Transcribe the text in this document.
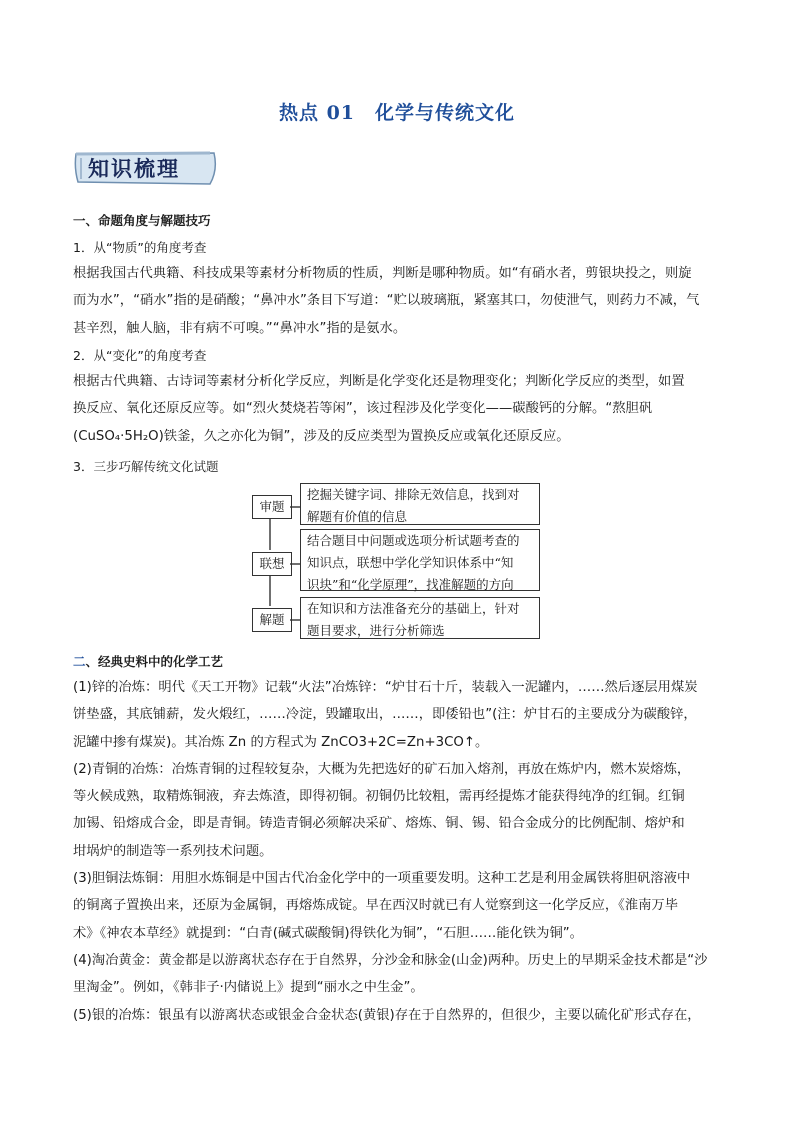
热点 01　化学与传统文化
知识梳理
一、命题角度与解题技巧
1．从“物质”的角度考查
根据我国古代典籍、科技成果等素材分析物质的性质，判断是哪种物质。如“有硝水者，剪银块投之，则旋
而为水”，“硝水”指的是硝酸；“鼻冲水”条目下写道：“贮以玻璃瓶，紧塞其口，勿使泄气，则药力不减，气
甚辛烈，触人脑，非有病不可嗅。”“鼻冲水”指的是氨水。
2．从“变化”的角度考查
根据古代典籍、古诗词等素材分析化学反应，判断是化学变化还是物理变化；判断化学反应的类型，如置
换反应、氧化还原反应等。如“烈火焚烧若等闲”，该过程涉及化学变化——碳酸钙的分解。“熬胆矾
(CuSO₄·5H₂O)铁釜，久之亦化为铜”，涉及的反应类型为置换反应或氧化还原反应。
3．三步巧解传统文化试题
审题
联想
解题
挖掘关键字词、排除无效信息，找到对
解题有价值的信息
结合题目中问题或选项分析试题考查的
知识点，联想中学化学知识体系中“知
识块”和“化学原理”，找准解题的方向
在知识和方法准备充分的基础上，针对
题目要求，进行分析筛选
二、经典史料中的化学工艺
(1)锌的冶炼：明代《天工开物》记载“火法”冶炼锌：“炉甘石十斤，装载入一泥罐内，……然后逐层用煤炭
饼垫盛，其底铺薪，发火煅红，……冷淀，毁罐取出，……，即倭铅也”(注：炉甘石的主要成分为碳酸锌，
泥罐中掺有煤炭)。其冶炼 Zn 的方程式为 ZnCO3+2C=Zn+3CO↑。
(2)青铜的冶炼：冶炼青铜的过程较复杂，大概为先把选好的矿石加入熔剂，再放在炼炉内，燃木炭熔炼，
等火候成熟，取精炼铜液，弃去炼渣，即得初铜。初铜仍比较粗，需再经提炼才能获得纯净的红铜。红铜
加锡、铅熔成合金，即是青铜。铸造青铜必须解决采矿、熔炼、铜、锡、铅合金成分的比例配制、熔炉和
坩埚炉的制造等一系列技术问题。
(3)胆铜法炼铜：用胆水炼铜是中国古代冶金化学中的一项重要发明。这种工艺是利用金属铁将胆矾溶液中
的铜离子置换出来，还原为金属铜，再熔炼成锭。早在西汉时就已有人觉察到这一化学反应，《淮南万毕
术》《神农本草经》就提到：“白青(碱式碳酸铜)得铁化为铜”，“石胆……能化铁为铜”。
(4)淘冶黄金：黄金都是以游离状态存在于自然界，分沙金和脉金(山金)两种。历史上的早期采金技术都是“沙
里淘金”。例如，《韩非子·内储说上》提到“丽水之中生金”。
(5)银的冶炼：银虽有以游离状态或银金合金状态(黄银)存在于自然界的，但很少，主要以硫化矿形式存在，
